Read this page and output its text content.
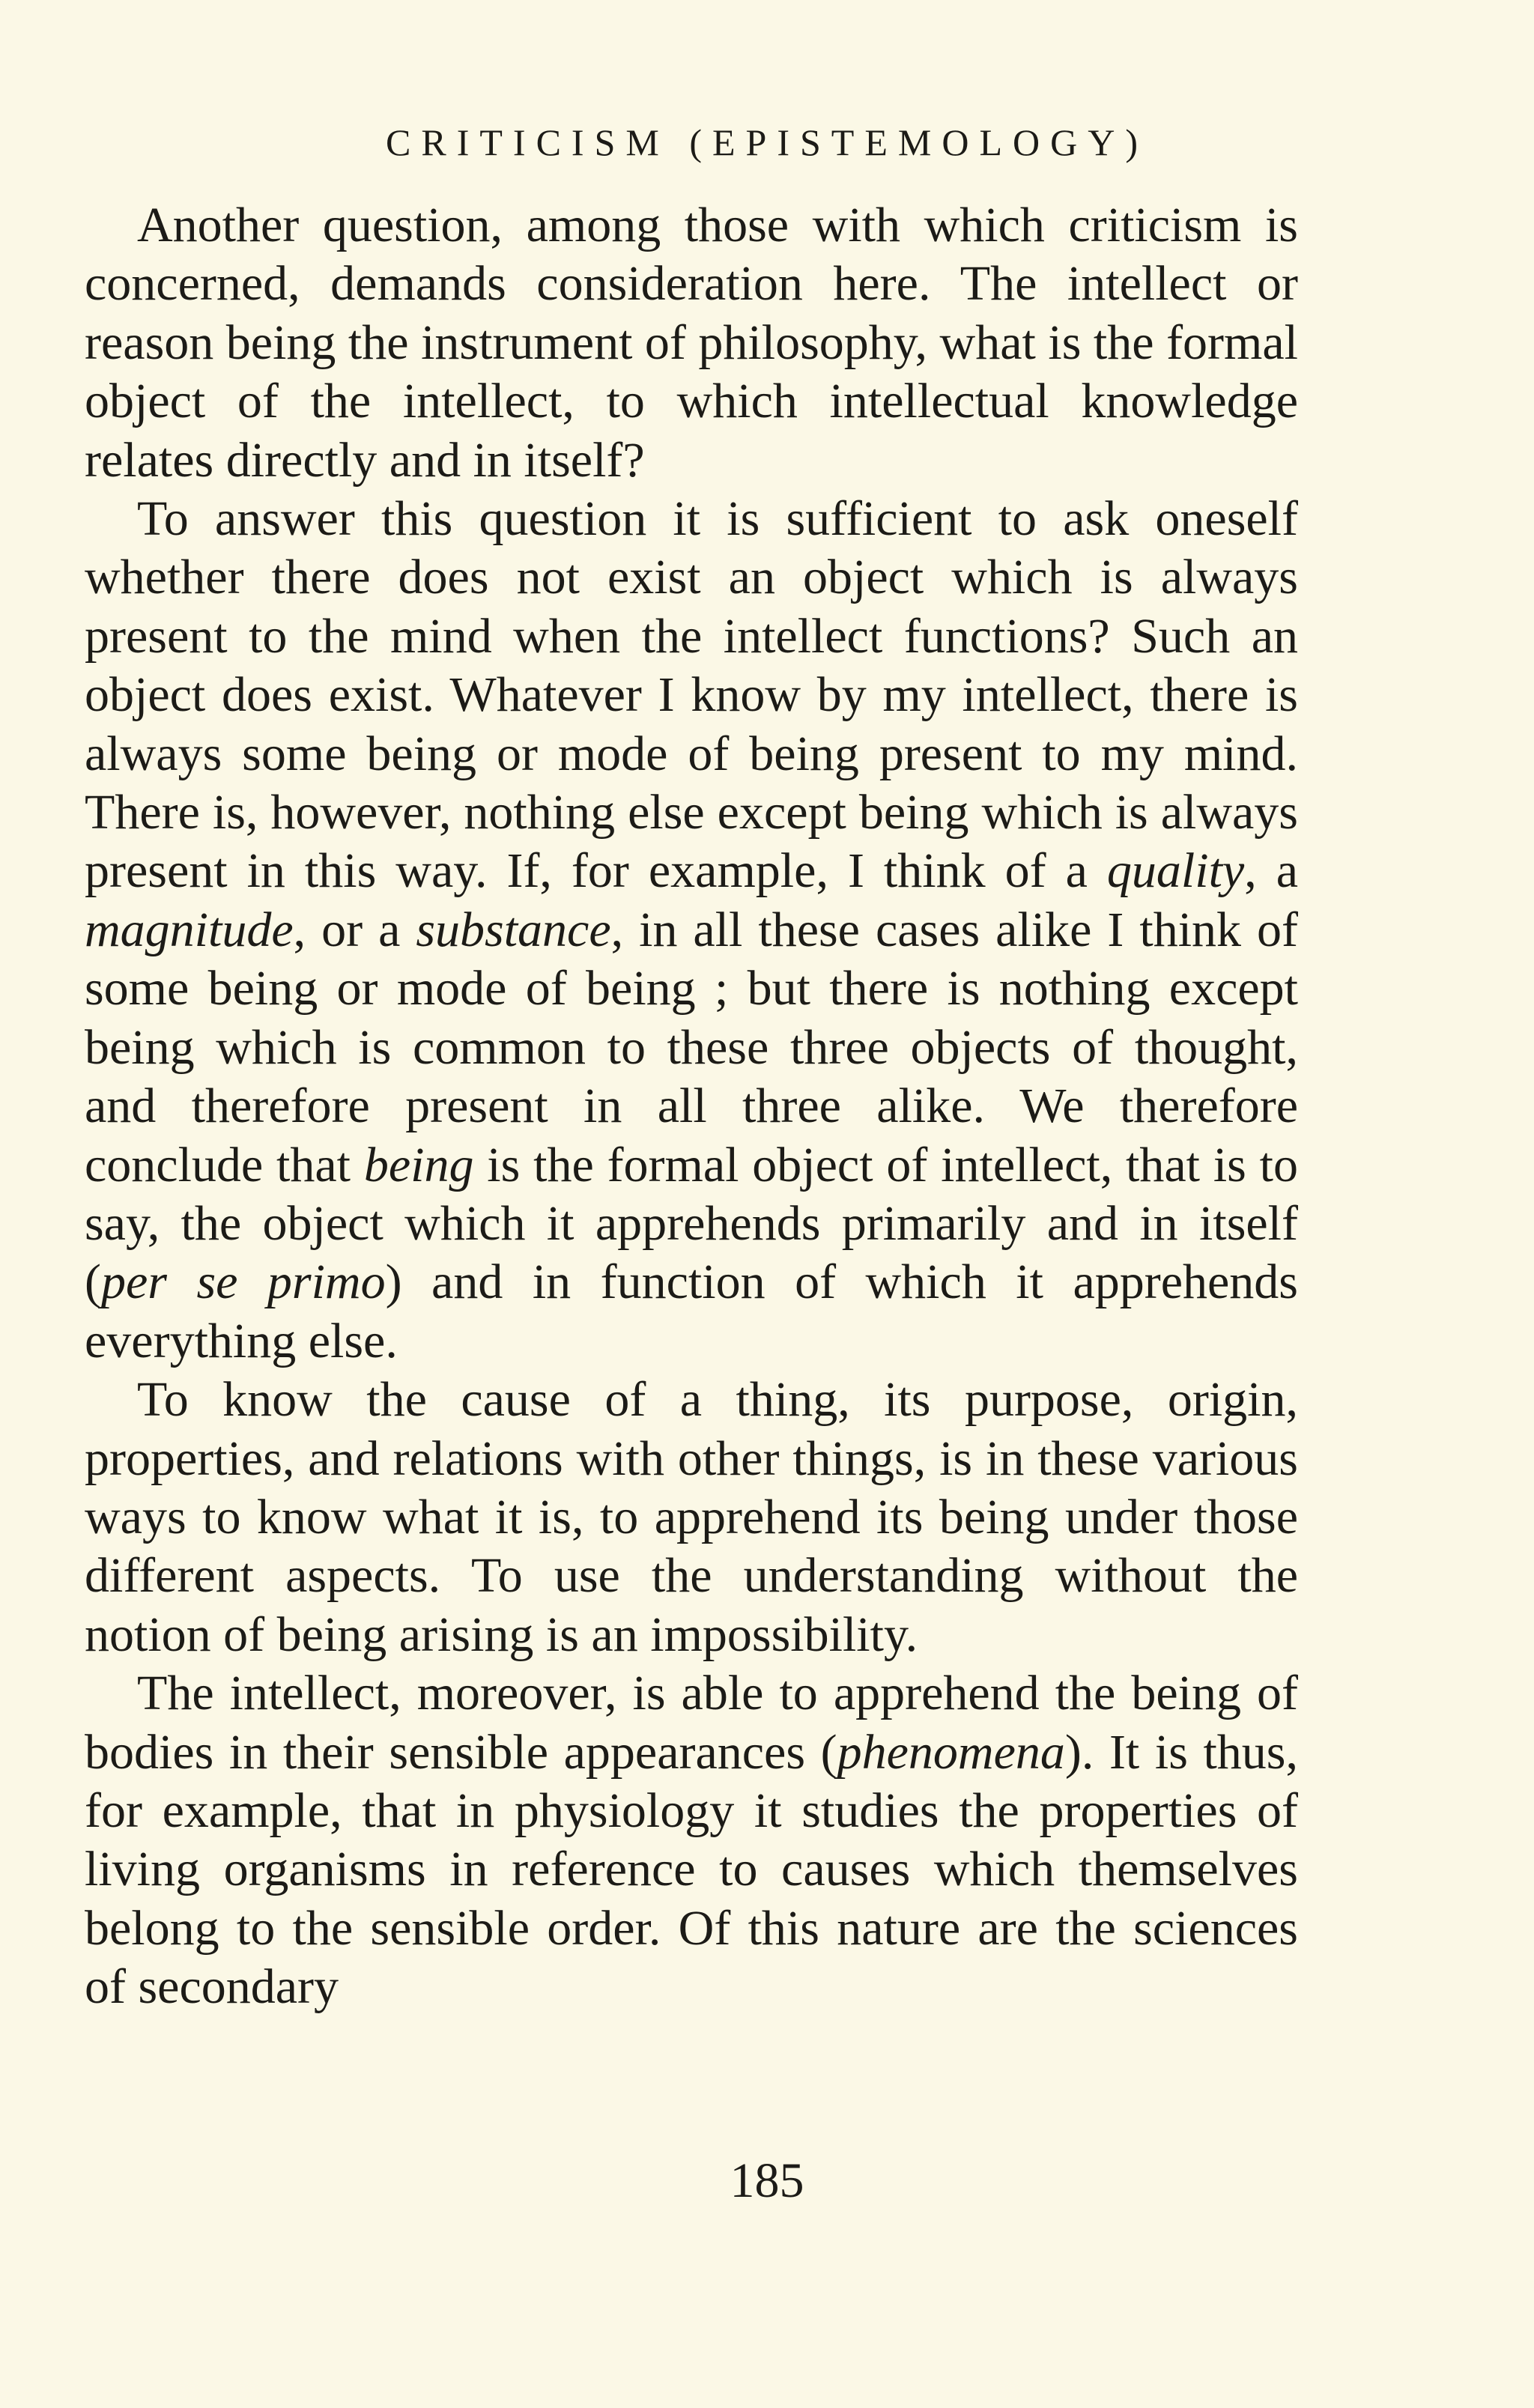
CRITICISM (EPISTEMOLOGY)

Another question, among those with which criticism is concerned, demands consideration here. The intellect or reason being the instrument of philosophy, what is the formal object of the intellect, to which intellectual knowledge relates directly and in itself?

To answer this question it is sufficient to ask oneself whether there does not exist an object which is always present to the mind when the intellect functions? Such an object does exist. Whatever I know by my intellect, there is always some being or mode of being present to my mind. There is, however, nothing else except being which is always present in this way. If, for example, I think of a quality, a magnitude, or a substance, in all these cases alike I think of some being or mode of being ; but there is nothing except being which is common to these three objects of thought, and therefore present in all three alike. We therefore conclude that being is the formal object of intellect, that is to say, the object which it apprehends primarily and in itself (per se primo) and in function of which it apprehends everything else.

To know the cause of a thing, its purpose, origin, properties, and relations with other things, is in these various ways to know what it is, to apprehend its being under those different aspects. To use the understanding without the notion of being arising is an impossibility.

The intellect, moreover, is able to apprehend the being of bodies in their sensible appearances (phenomena). It is thus, for example, that in physiology it studies the properties of living organisms in reference to causes which themselves belong to the sensible order. Of this nature are the sciences of secondary

185
